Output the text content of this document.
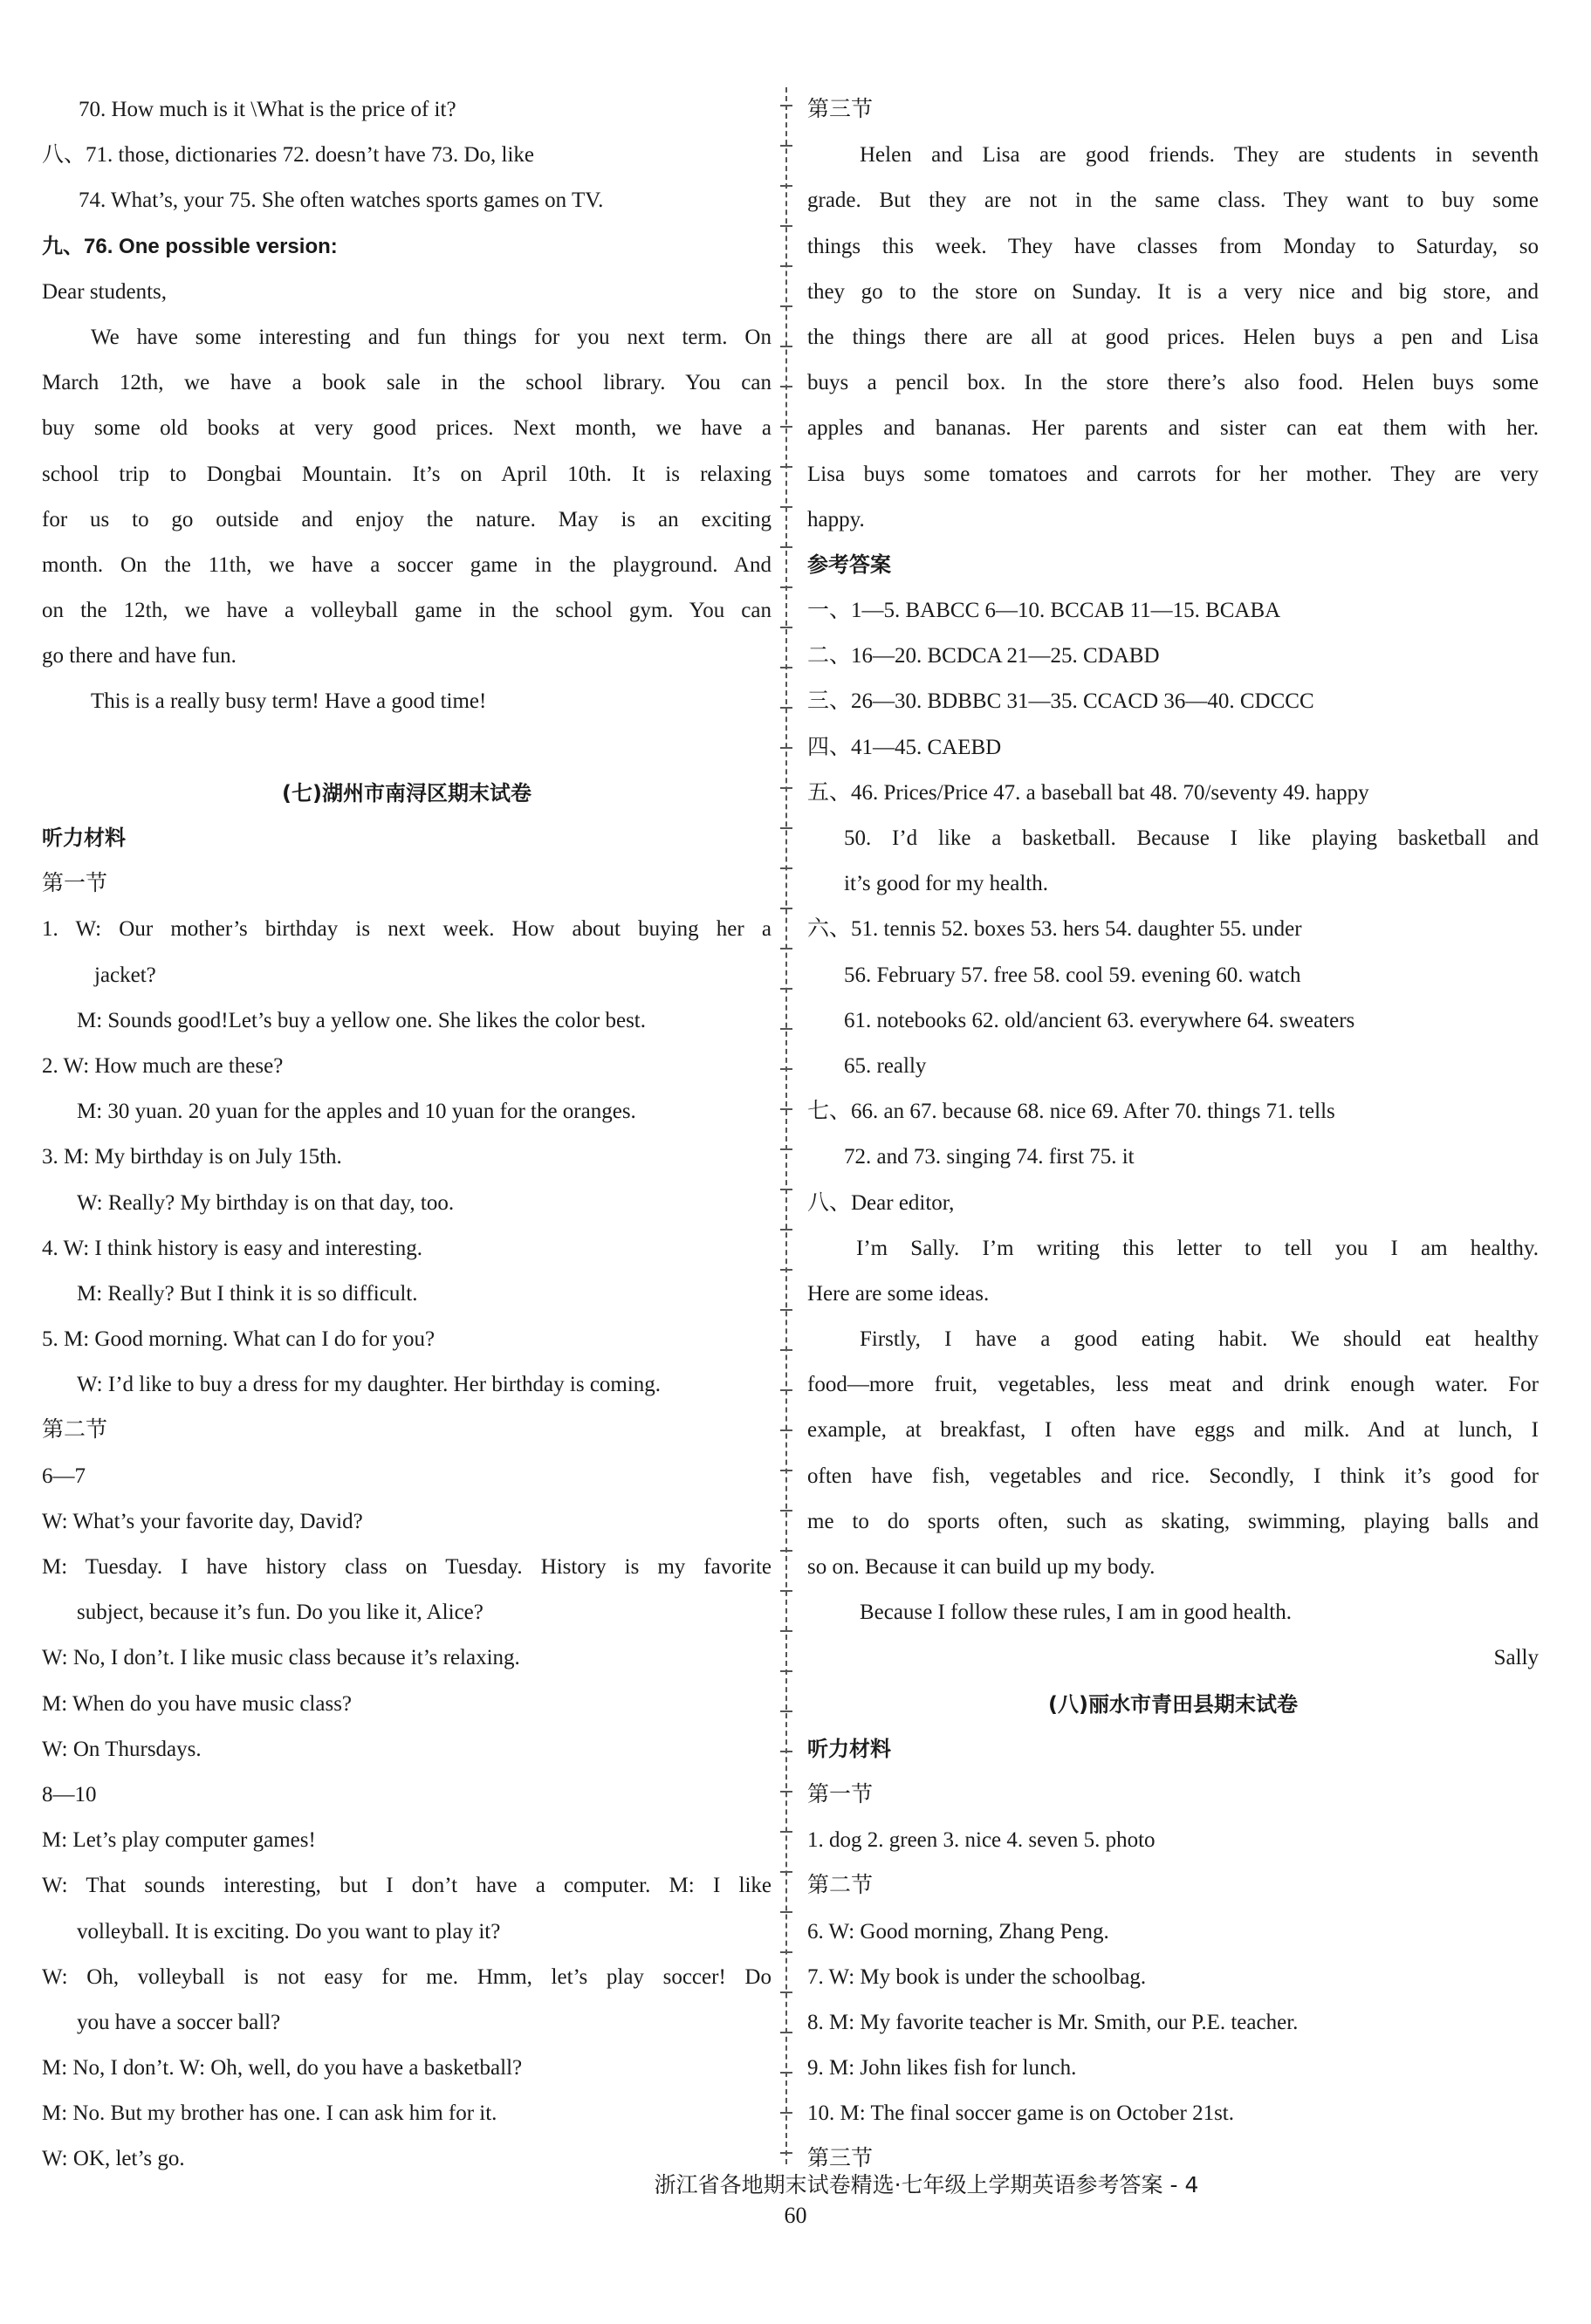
70. How much is it \What is the price of it?
八、71. those, dictionaries 72. doesn’t have 73. Do, like
74. What’s, your 75. She often watches sports games on TV.
九、76. One possible version:
Dear students,
We have some interesting and fun things for you next term. On
March 12th, we have a book sale in the school library. You can
buy some old books at very good prices. Next month, we have a
school trip to Dongbai Mountain. It’s on April 10th. It is relaxing
for us to go outside and enjoy the nature. May is an exciting
month. On the 11th, we have a soccer game in the playground. And
on the 12th, we have a volleyball game in the school gym. You can
go there and have fun.
This is a really busy term! Have a good time!
(七)湖州市南浔区期末试卷
听力材料
第一节
1. W: Our mother’s birthday is next week. How about buying her a
jacket?
M: Sounds good!Let’s buy a yellow one. She likes the color best.
2. W: How much are these?
M: 30 yuan. 20 yuan for the apples and 10 yuan for the oranges.
3. M: My birthday is on July 15th.
W: Really? My birthday is on that day, too.
4. W: I think history is easy and interesting.
M: Really? But I think it is so difficult.
5. M: Good morning. What can I do for you?
W: I’d like to buy a dress for my daughter. Her birthday is coming.
第二节
6—7
W: What’s your favorite day, David?
M: Tuesday. I have history class on Tuesday. History is my favorite
subject, because it’s fun. Do you like it, Alice?
W: No, I don’t. I like music class because it’s relaxing.
M: When do you have music class?
W: On Thursdays.
8—10
M: Let’s play computer games!
W: That sounds interesting, but I don’t have a computer. M: I like
volleyball. It is exciting. Do you want to play it?
W: Oh, volleyball is not easy for me. Hmm, let’s play soccer! Do
you have a soccer ball?
M: No, I don’t. W: Oh, well, do you have a basketball?
M: No. But my brother has one. I can ask him for it.
W: OK, let’s go.
第三节
Helen and Lisa are good friends. They are students in seventh
grade. But they are not in the same class. They want to buy some
things this week. They have classes from Monday to Saturday, so
they go to the store on Sunday. It is a very nice and big store, and
the things there are all at good prices. Helen buys a pen and Lisa
buys a pencil box. In the store there’s also food. Helen buys some
apples and bananas. Her parents and sister can eat them with her.
Lisa buys some tomatoes and carrots for her mother. They are very
happy.
参考答案
一、1—5. BABCC 6—10. BCCAB 11—15. BCABA
二、16—20. BCDCA 21—25. CDABD
三、26—30. BDBBC 31—35. CCACD 36—40. CDCCC
四、41—45. CAEBD
五、46. Prices/Price 47. a baseball bat 48. 70/seventy 49. happy
50. I’d like a basketball. Because I like playing basketball and
it’s good for my health.
六、51. tennis 52. boxes 53. hers 54. daughter 55. under
56. February 57. free 58. cool 59. evening 60. watch
61. notebooks 62. old/ancient 63. everywhere 64. sweaters
65. really
七、66. an 67. because 68. nice 69. After 70. things 71. tells
72. and 73. singing 74. first 75. it
八、Dear editor,
I’m Sally. I’m writing this letter to tell you I am healthy.
Here are some ideas.
Firstly, I have a good eating habit. We should eat healthy
food—more fruit, vegetables, less meat and drink enough water. For
example, at breakfast, I often have eggs and milk. And at lunch, I
often have fish, vegetables and rice. Secondly, I think it’s good for
me to do sports often, such as skating, swimming, playing balls and
so on. Because it can build up my body.
Because I follow these rules, I am in good health.
Sally
(八)丽水市青田县期末试卷
听力材料
第一节
1. dog 2. green 3. nice 4. seven 5. photo
第二节
6. W: Good morning, Zhang Peng.
7. W: My book is under the schoolbag.
8. M: My favorite teacher is Mr. Smith, our P.E. teacher.
9. M: John likes fish for lunch.
10. M: The final soccer game is on October 21st.
第三节
浙江省各地期末试卷精选·七年级上学期英语参考答案 - 4
60
